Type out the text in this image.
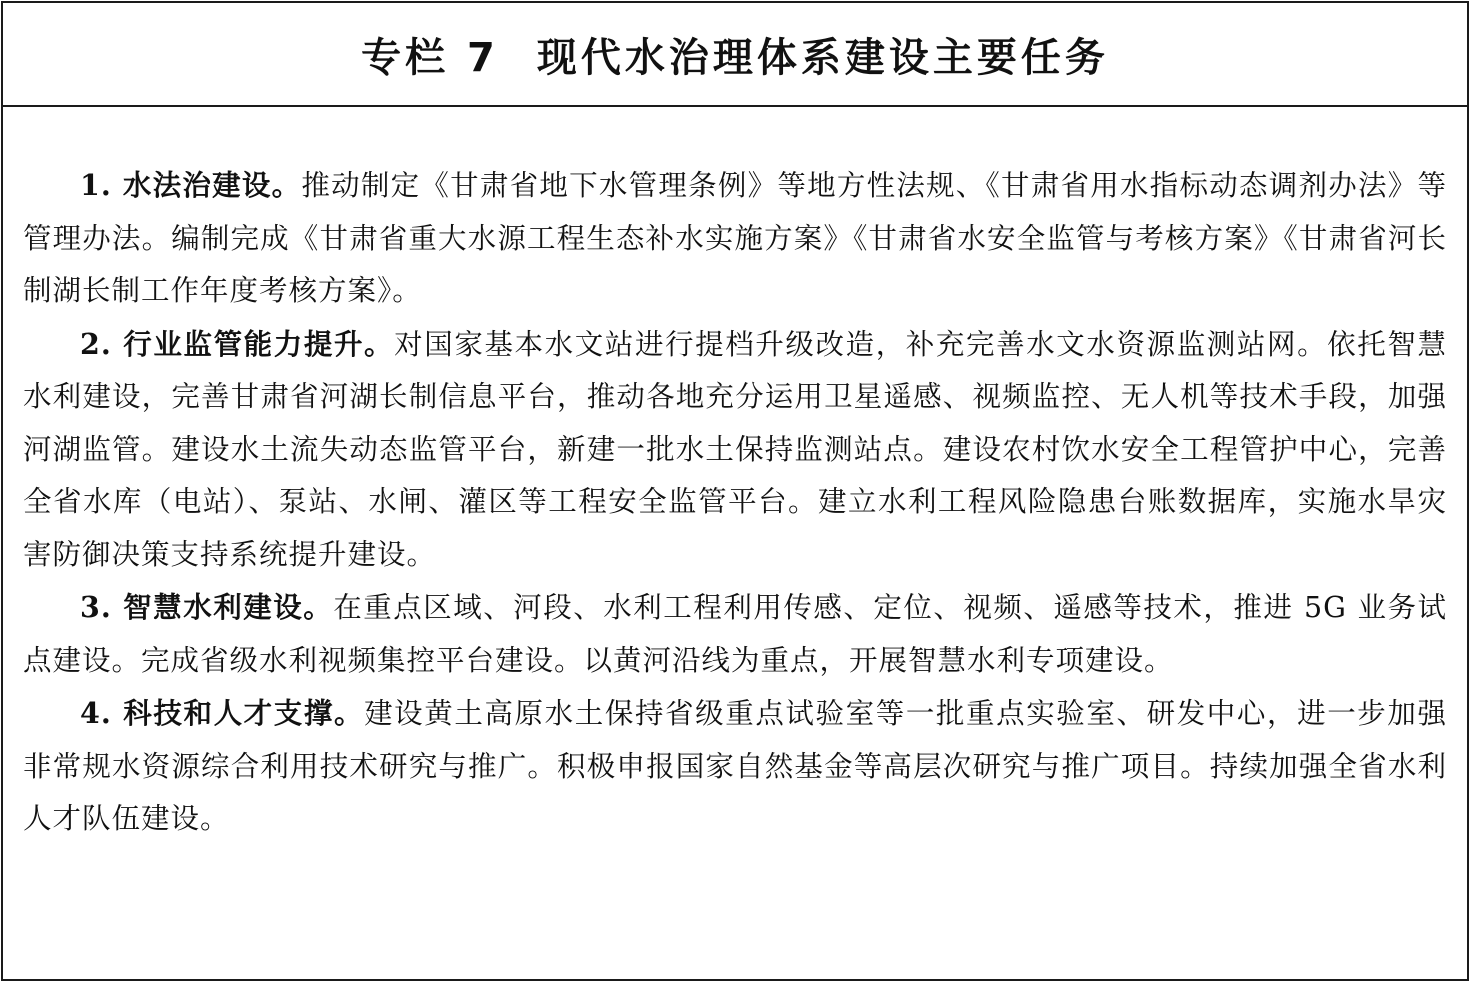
专栏 7 现代水治理体系建设主要任务

1. 水法治建设。推动制定《甘肃省地下水管理条例》等地方性法规、《甘肃省用水指标动态调剂办法》等管理办法。编制完成《甘肃省重大水源工程生态补水实施方案》《甘肃省水安全监管与考核方案》《甘肃省河长制湖长制工作年度考核方案》。

2. 行业监管能力提升。对国家基本水文站进行提档升级改造，补充完善水文水资源监测站网。依托智慧水利建设，完善甘肃省河湖长制信息平台，推动各地充分运用卫星遥感、视频监控、无人机等技术手段，加强河湖监管。建设水土流失动态监管平台，新建一批水土保持监测站点。建设农村饮水安全工程管护中心，完善全省水库（电站）、泵站、水闸、灌区等工程安全监管平台。建立水利工程风险隐患台账数据库，实施水旱灾害防御决策支持系统提升建设。

3. 智慧水利建设。在重点区域、河段、水利工程利用传感、定位、视频、遥感等技术，推进 5G 业务试点建设。完成省级水利视频集控平台建设。以黄河沿线为重点，开展智慧水利专项建设。

4. 科技和人才支撑。建设黄土高原水土保持省级重点试验室等一批重点实验室、研发中心，进一步加强非常规水资源综合利用技术研究与推广。积极申报国家自然基金等高层次研究与推广项目。持续加强全省水利人才队伍建设。
